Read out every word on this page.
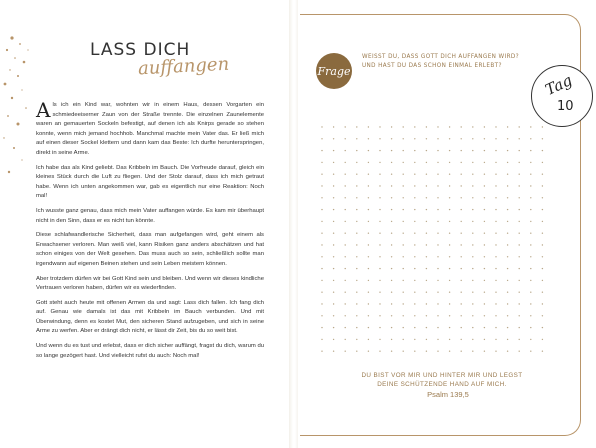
LASS DICH
auffangen

Als ich ein Kind war, wohnten wir in einem Haus, dessen Vorgarten ein schmiedeeiserner Zaun von der Straße trennte. Die einzelnen Zaunelemente waren an gemauerten Sockeln befestigt, auf denen ich als Knirps gerade so stehen konnte, wenn mich jemand hochhob. Manchmal machte mein Vater das. Er ließ mich auf einen dieser Sockel klettern und dann kam das Beste: Ich durfte herunterspringen, direkt in seine Arme.

Ich habe das als Kind geliebt. Das Kribbeln im Bauch. Die Vorfreude darauf, gleich ein kleines Stück durch die Luft zu fliegen. Und der Stolz darauf, dass ich mich getraut habe. Wenn ich unten angekommen war, gab es eigentlich nur eine Reaktion: Noch mal!

Ich wusste ganz genau, dass mich mein Vater auffangen würde. Es kam mir überhaupt nicht in den Sinn, dass er es nicht tun könnte.

Diese schlafwandlerische Sicherheit, dass man aufgefangen wird, geht einem als Erwachsener verloren. Man weiß viel, kann Risiken ganz anders abschätzen und hat schon einiges von der Welt gesehen. Das muss auch so sein, schließlich sollte man irgendwann auf eigenen Beinen stehen und sein Leben meistern können.

Aber trotzdem dürfen wir bei Gott Kind sein und bleiben. Und wenn wir dieses kindliche Vertrauen verloren haben, dürfen wir es wiederfinden.

Gott steht auch heute mit offenen Armen da und sagt: Lass dich fallen. Ich fang dich auf. Genau wie damals ist das mit Kribbeln im Bauch verbunden. Und mit Überwindung, denn es kostet Mut, den sicheren Stand aufzugeben, und sich in seine Arme zu werfen. Aber er drängt dich nicht, er lässt dir Zeit, bis du so weit bist.

Und wenn du es tust und erlebst, dass er dich sicher auffängt, fragst du dich, warum du so lange gezögert hast. Und vielleicht rufst du auch: Noch mal!

Frage
WEISST DU, DASS GOTT DICH AUFFANGEN WIRD? UND HAST DU DAS SCHON EINMAL ERLEBT?
Tag
10
DU BIST VOR MIR UND HINTER MIR UND LEGST DEINE SCHÜTZENDE HAND AUF MICH.
Psalm 139,5
